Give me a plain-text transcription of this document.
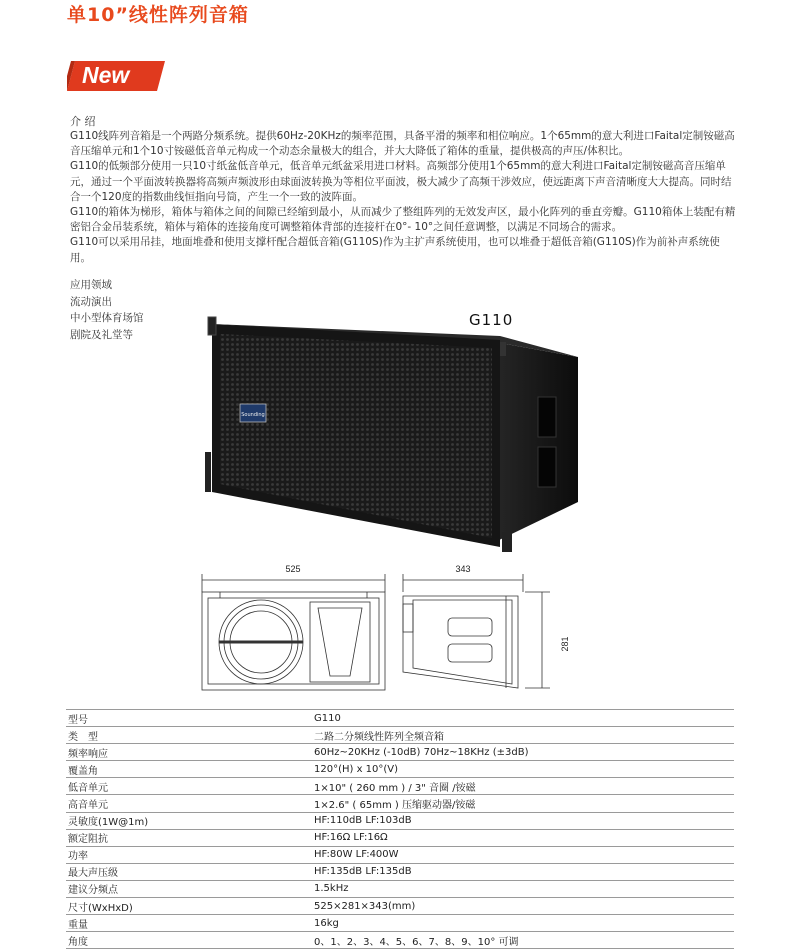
单10”线性阵列音箱
New
介 绍

G110线阵列音箱是一个两路分频系统。提供60Hz-20KHz的频率范围，具备平滑的频率和相位响应。1个65mm的意大利进口Faital定制铵磁高音压缩单元和1个10寸铵磁低音单元构成一个动态余量极大的组合，并大大降低了箱体的重量，提供极高的声压/体积比。

G110的低频部分使用一只10寸纸盆低音单元，低音单元纸盆采用进口材料。高频部分使用1个65mm的意大利进口Faital定制铵磁高音压缩单元，通过一个平面波转换器将高频声频波形由球面波转换为等相位平面波，极大减少了高频干涉效应，使远距离下声音清晰度大大提高。同时结合一个120度的指数曲线恒指向号筒，产生一个一致的波阵面。

G110的箱体为梯形，箱体与箱体之间的间隙已经缩到最小，从而减少了整组阵列的无效发声区，最小化阵列的垂直旁瓣。G110箱体上装配有精密铝合金吊装系统，箱体与箱体的连接角度可调整箱体背部的连接杆在0°- 10°之间任意调整，以满足不同场合的需求。

G110可以采用吊挂，地面堆叠和使用支撑杆配合超低音箱(G110S)作为主扩声系统使用，也可以堆叠于超低音箱(G110S)作为前补声系统使用。

应用领域
流动演出
中小型体育场馆
剧院及礼堂等
G110
Sounding
525	343
281
型号	G110
类　型	二路二分频线性阵列全频音箱
频率响应	60Hz~20KHz (-10dB) 70Hz~18KHz (±3dB)
覆盖角	120°(H) x 10°(V)
低音单元	1×10" ( 260 mm ) / 3" 音圈 /铵磁
高音单元	1×2.6" ( 65mm ) 压缩驱动器/铵磁
灵敏度(1W@1m)	HF:110dB LF:103dB
额定阻抗	HF:16Ω LF:16Ω
功率	HF:80W LF:400W
最大声压级	HF:135dB LF:135dB
建议分频点	1.5kHz
尺寸(WxHxD)	525×281×343(mm)
重量	16kg
角度	0、1、2、3、4、5、6、7、8、9、10° 可调
